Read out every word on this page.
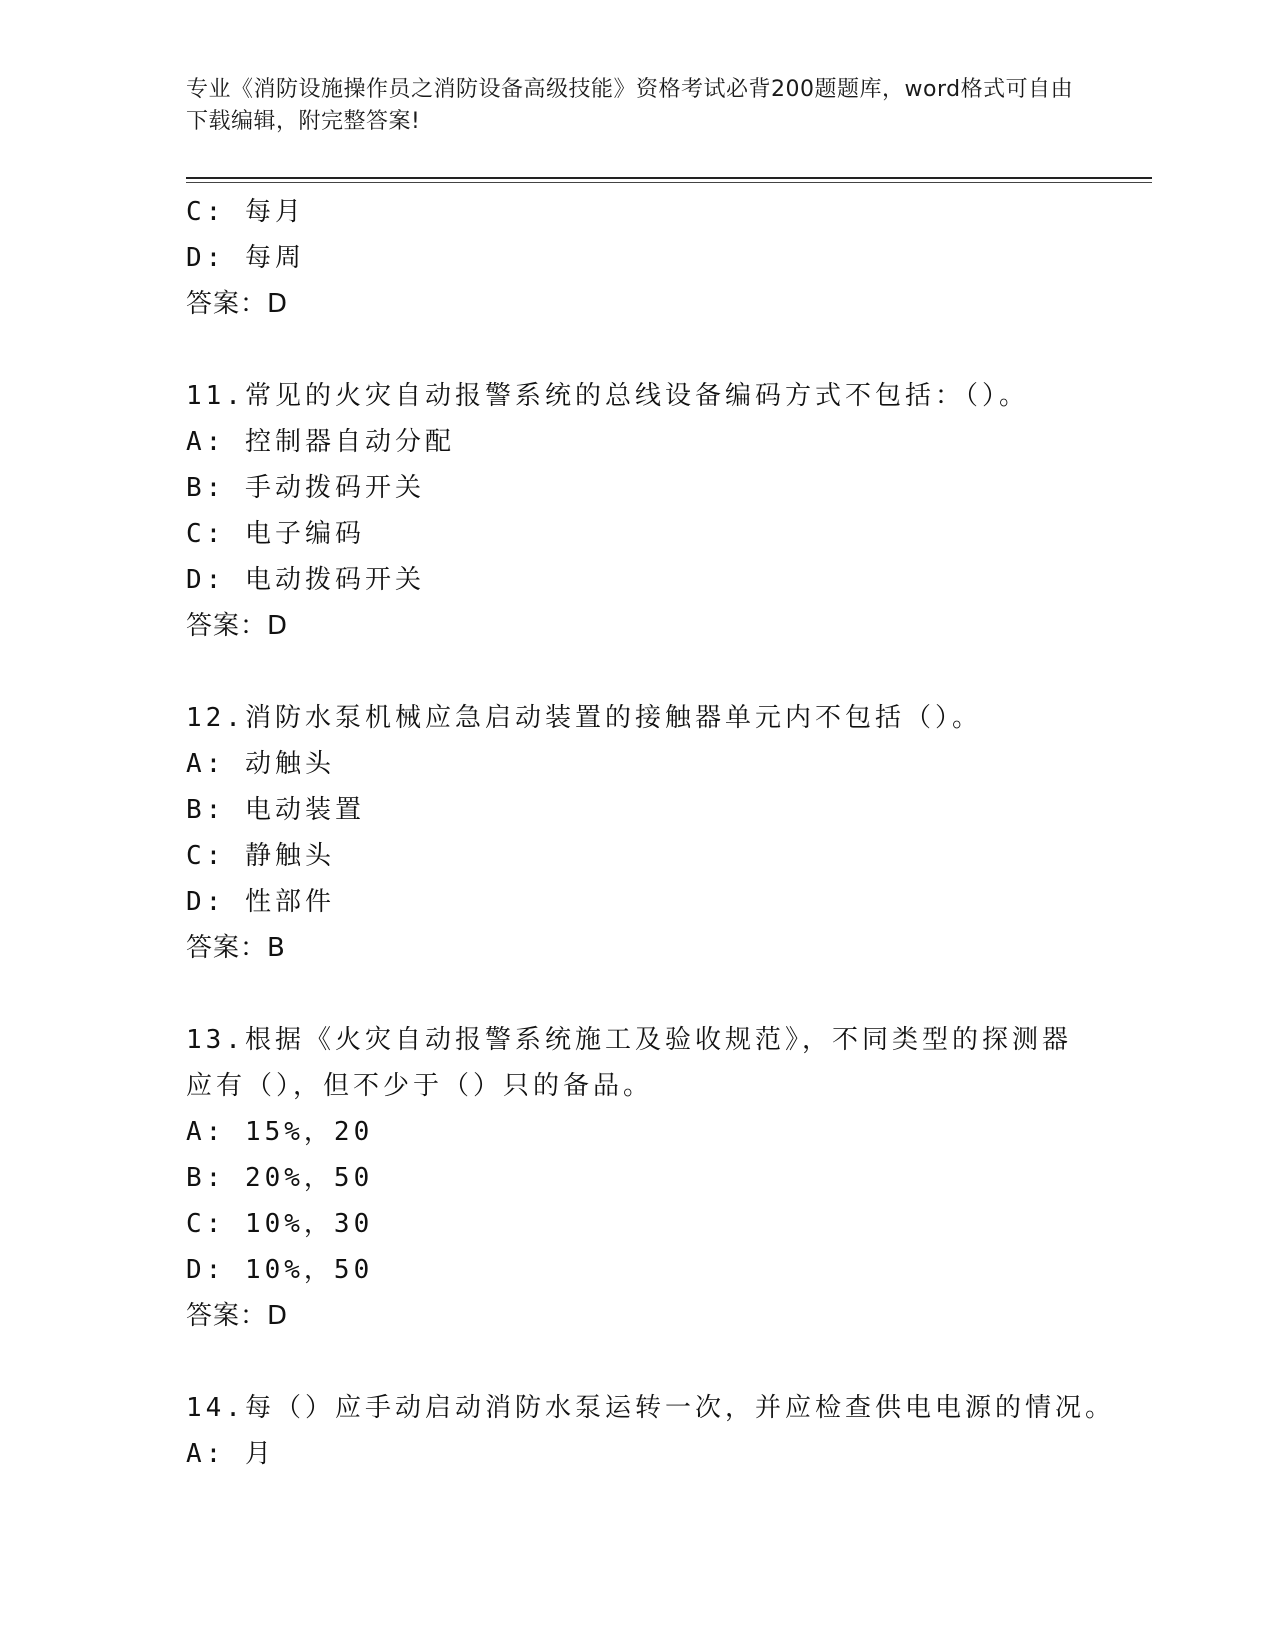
专业《消防设施操作员之消防设备高级技能》资格考试必背200题题库，word格式可自由下载编辑，附完整答案!
C: 每月
D: 每周
答案：D
11.常见的火灾自动报警系统的总线设备编码方式不包括：（）。
A: 控制器自动分配
B: 手动拨码开关
C: 电子编码
D: 电动拨码开关
答案：D
12.消防水泵机械应急启动装置的接触器单元内不包括（）。
A: 动触头
B: 电动装置
C: 静触头
D: 性部件
答案：B
13.根据《火灾自动报警系统施工及验收规范》，不同类型的探测器应有（），但不少于（）只的备品。
A: 15%，20
B: 20%，50
C: 10%，30
D: 10%，50
答案：D
14.每（）应手动启动消防水泵运转一次，并应检查供电电源的情况。
A: 月
